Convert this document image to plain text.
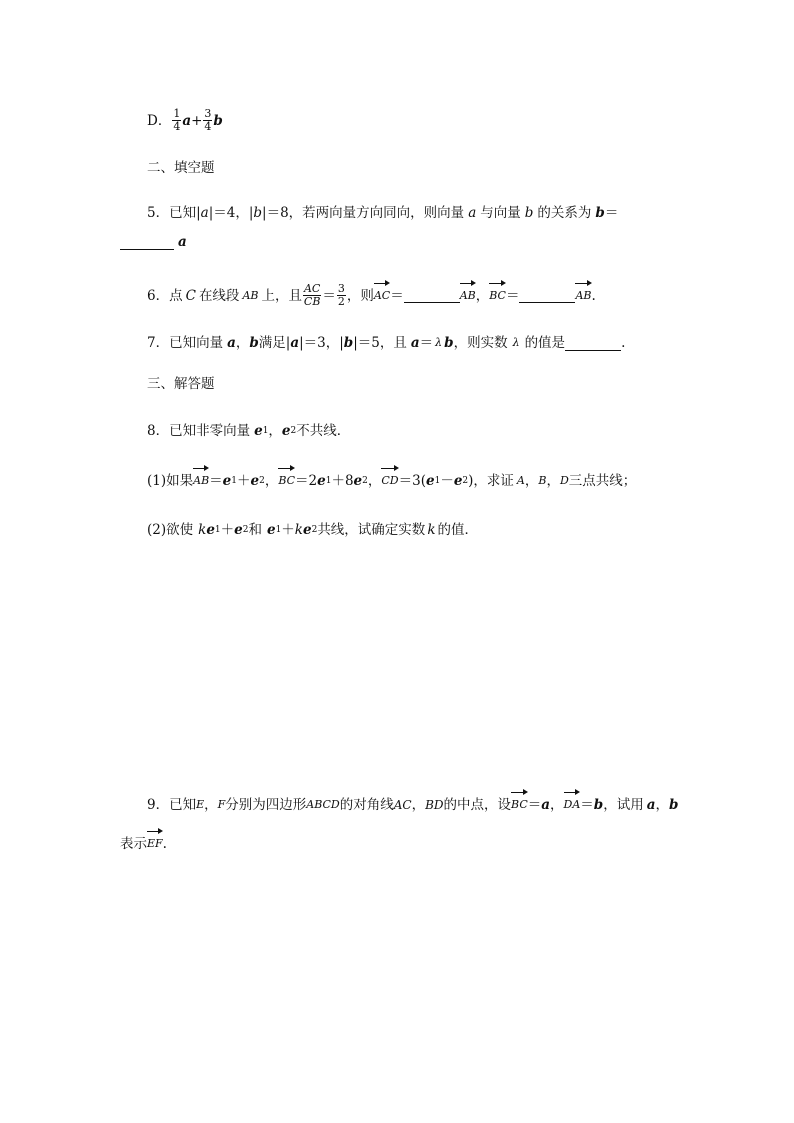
D． $\frac{1}{4}$ $a + \frac{3}{4}$ b
二、填空题
5．已知| a |＝4，| b |＝8，若两向量方向同向，则向量 a 与向量 b 的关系为 b ＝
a
6．点 C 在线段 AB 上，且 $\frac{AC}{CB} = \frac{3}{2}$ ，则 AC ＝	AB ， BC ＝	AB .
7．已知向量 a ， b 满足| a |＝3，| b |＝5，且 a ＝ λ b ，则实数 λ 的值是	.
三、解答题
8．已知非零向量 e 1 ， e 2 不共线．
(1)如果 AB ＝ e 1 ＋ e 2 ， BC ＝2 e 1 ＋8 e 2 ， CD ＝3( e 1 － e 2 )，求证 A ， B ， D 三点共线；
(2)欲使 k e 1 ＋ e 2 和 e 1 ＋ k e 2 共线，试确定实数 k 的值．
9．已知 E ， F 分别为四边形 ABCD 的对角线 AC ， BD 的中点，设 BC ＝ a ， DA ＝ b ，试用 a ， b
表示 EF .
